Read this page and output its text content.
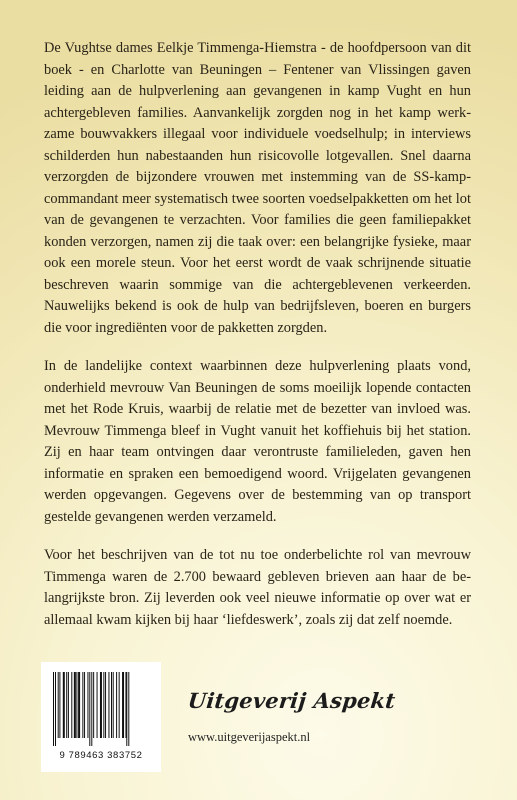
De Vughtse dames Eelkje Timmenga-Hiemstra - de hoofdpersoon van dit boek - en Charlotte van Beuningen – Fentener van Vlissingen gaven leiding aan de hulpverlening aan gevangenen in kamp Vught en hun achtergebleven families. Aanvankelijk zorgden nog in het kamp werkzame bouwvakkers illegaal voor individuele voedselhulp; in interviews schilderden hun nabestaanden hun risicovolle lotgevallen. Snel daarna verzorgden de bijzondere vrouwen met instemming van de SS-kampcommandant meer systematisch twee soorten voedselpakketten om het lot van de gevangenen te verzachten. Voor families die geen familiepakket konden verzorgen, namen zij die taak over: een belangrijke fysieke, maar ook een morele steun. Voor het eerst wordt de vaak schrijnende situatie beschreven waarin sommige van die achtergeblevenen verkeerden. Nauwelijks bekend is ook de hulp van bedrijfsleven, boeren en burgers die voor ingrediënten voor de pakketten zorgden.

In de landelijke context waarbinnen deze hulpverlening plaats vond, onderhield mevrouw Van Beuningen de soms moeilijk lopende contacten met het Rode Kruis, waarbij de relatie met de bezetter van invloed was. Mevrouw Timmenga bleef in Vught vanuit het koffiehuis bij het station. Zij en haar team ontvingen daar verontruste familieleden, gaven hen informatie en spraken een bemoedigend woord. Vrijgelaten gevangenen werden opgevangen. Gegevens over de bestemming van op transport gestelde gevangenen werden verzameld.

Voor het beschrijven van de tot nu toe onderbelichte rol van mevrouw Timmenga waren de 2.700 bewaard gebleven brieven aan haar de belangrijkste bron. Zij leverden ook veel nieuwe informatie op over wat er allemaal kwam kijken bij haar ‘liefdeswerk’, zoals zij dat zelf noemde.

9 789463 383752
Uitgeverij Aspekt
www.uitgeverijaspekt.nl
